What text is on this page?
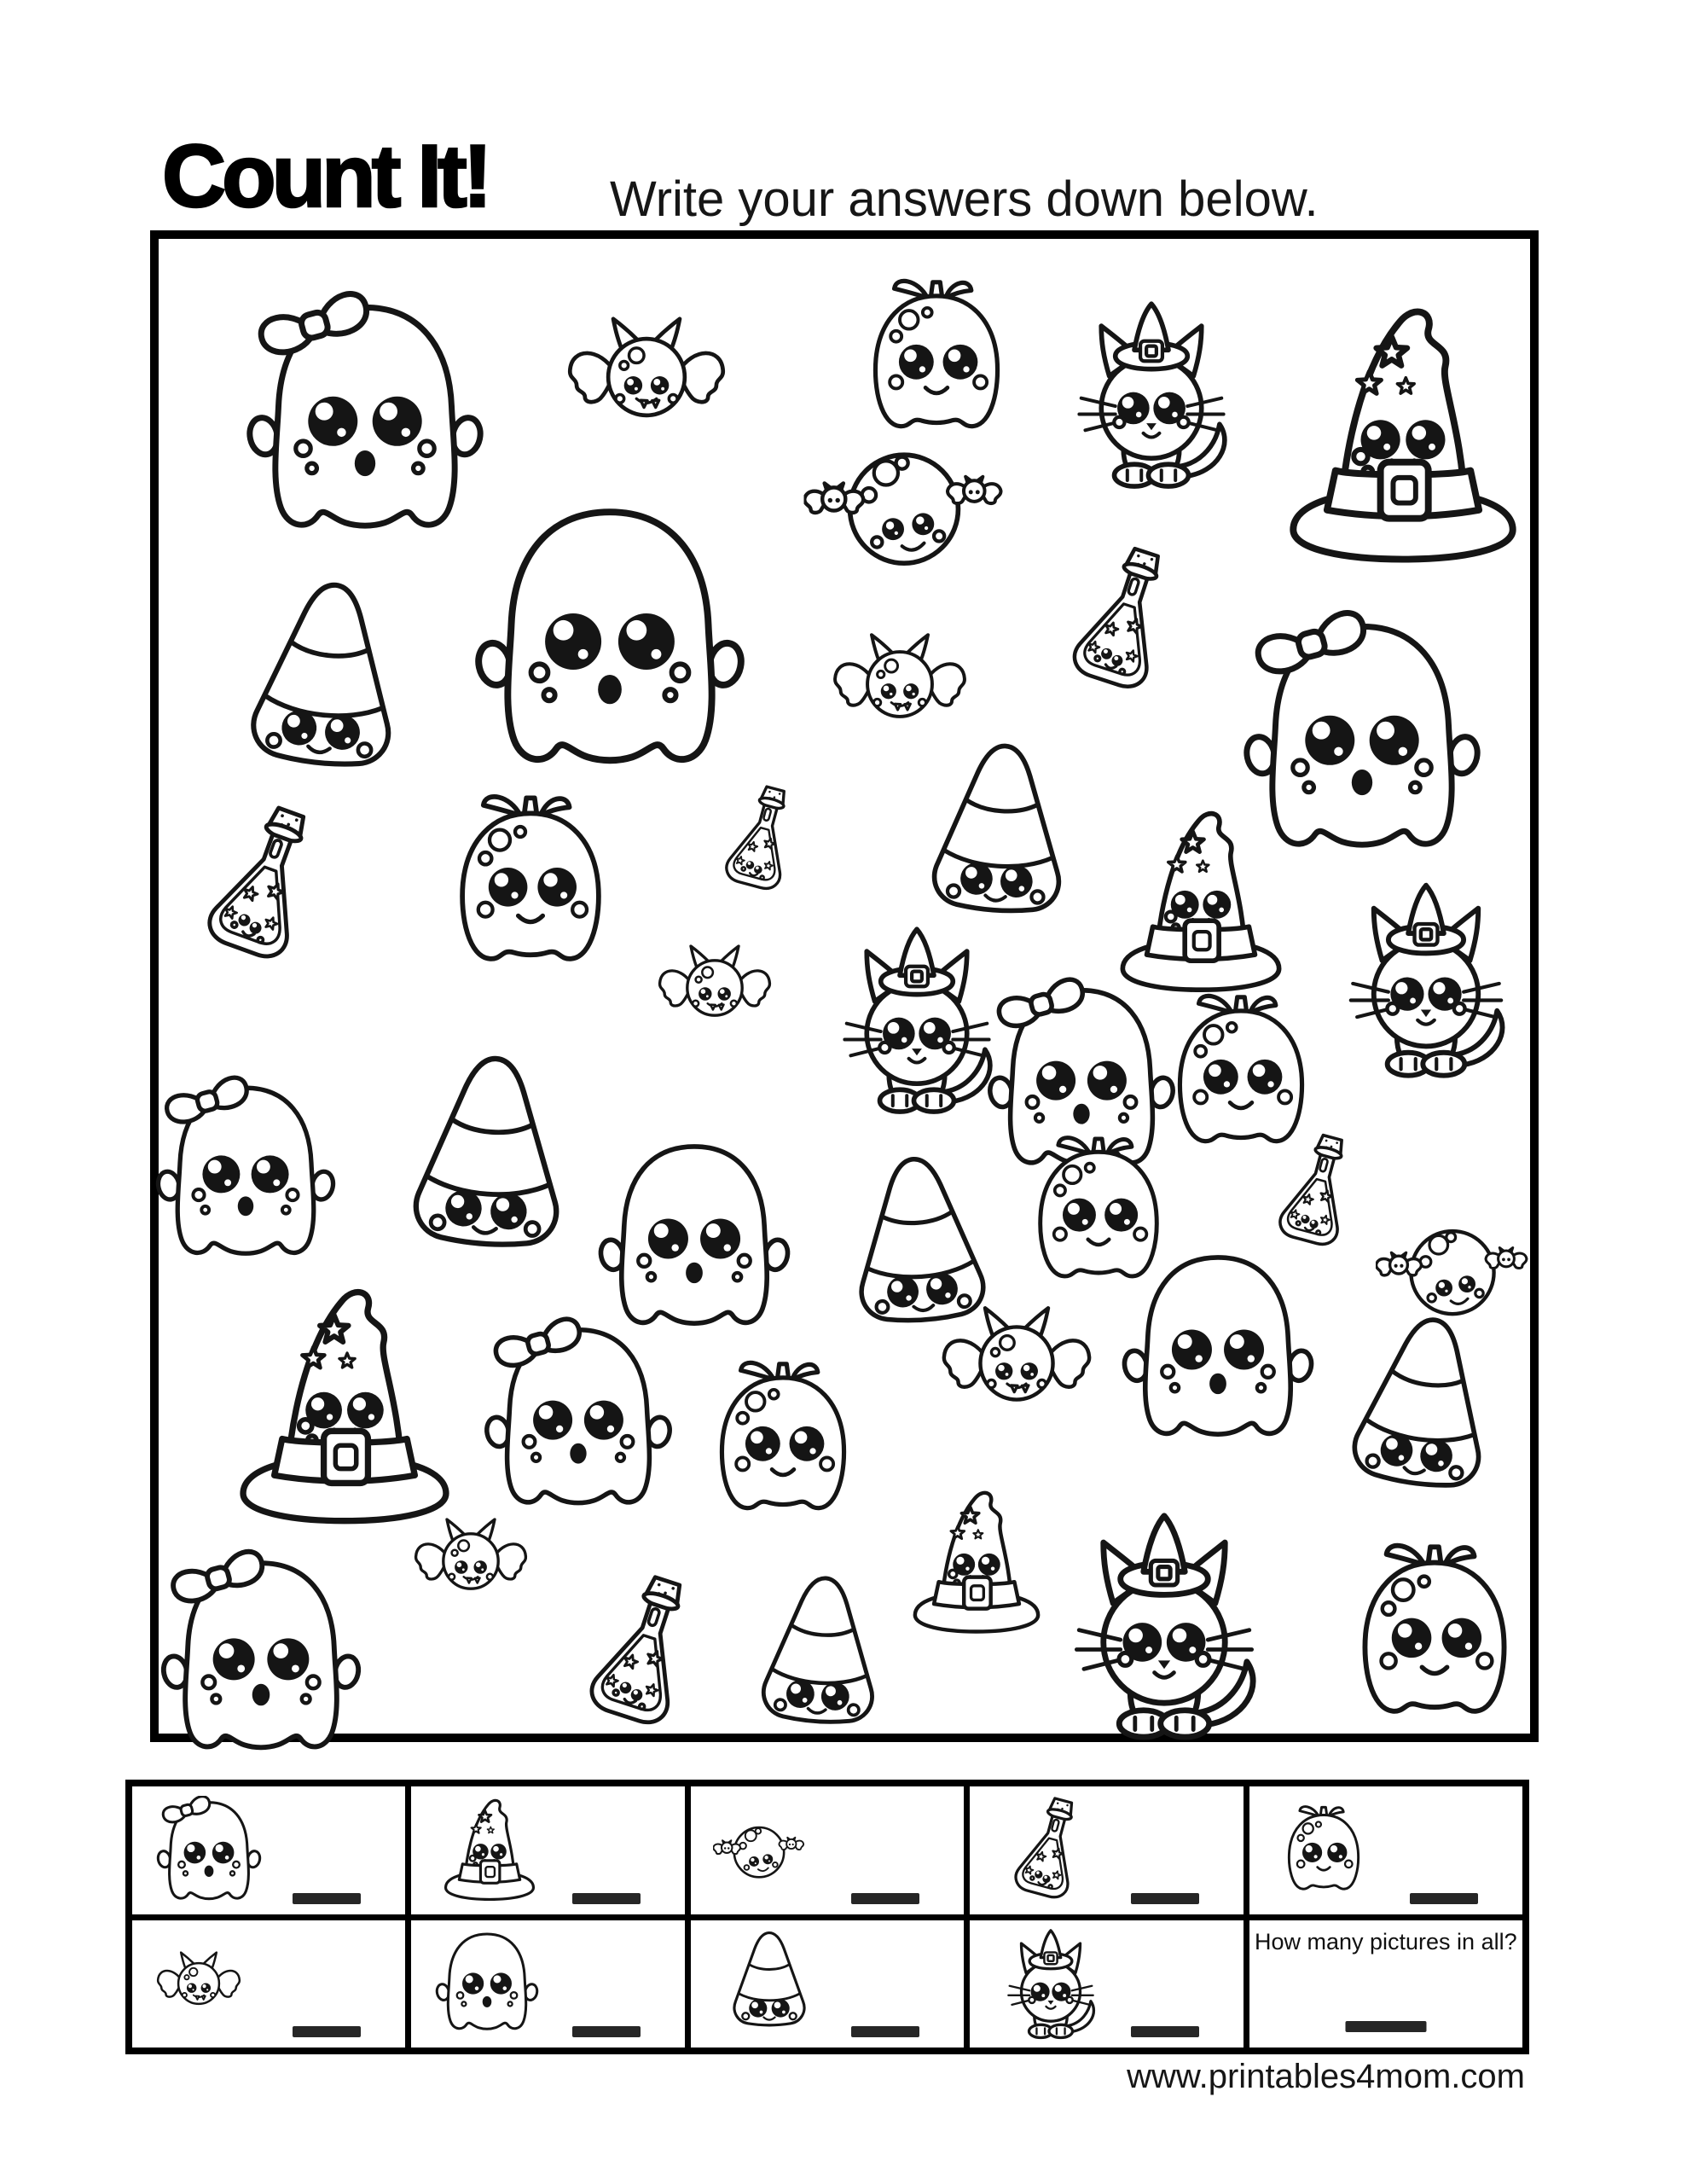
Count It! Write your answers down below.
How many pictures in all?
www.printables4mom.com
